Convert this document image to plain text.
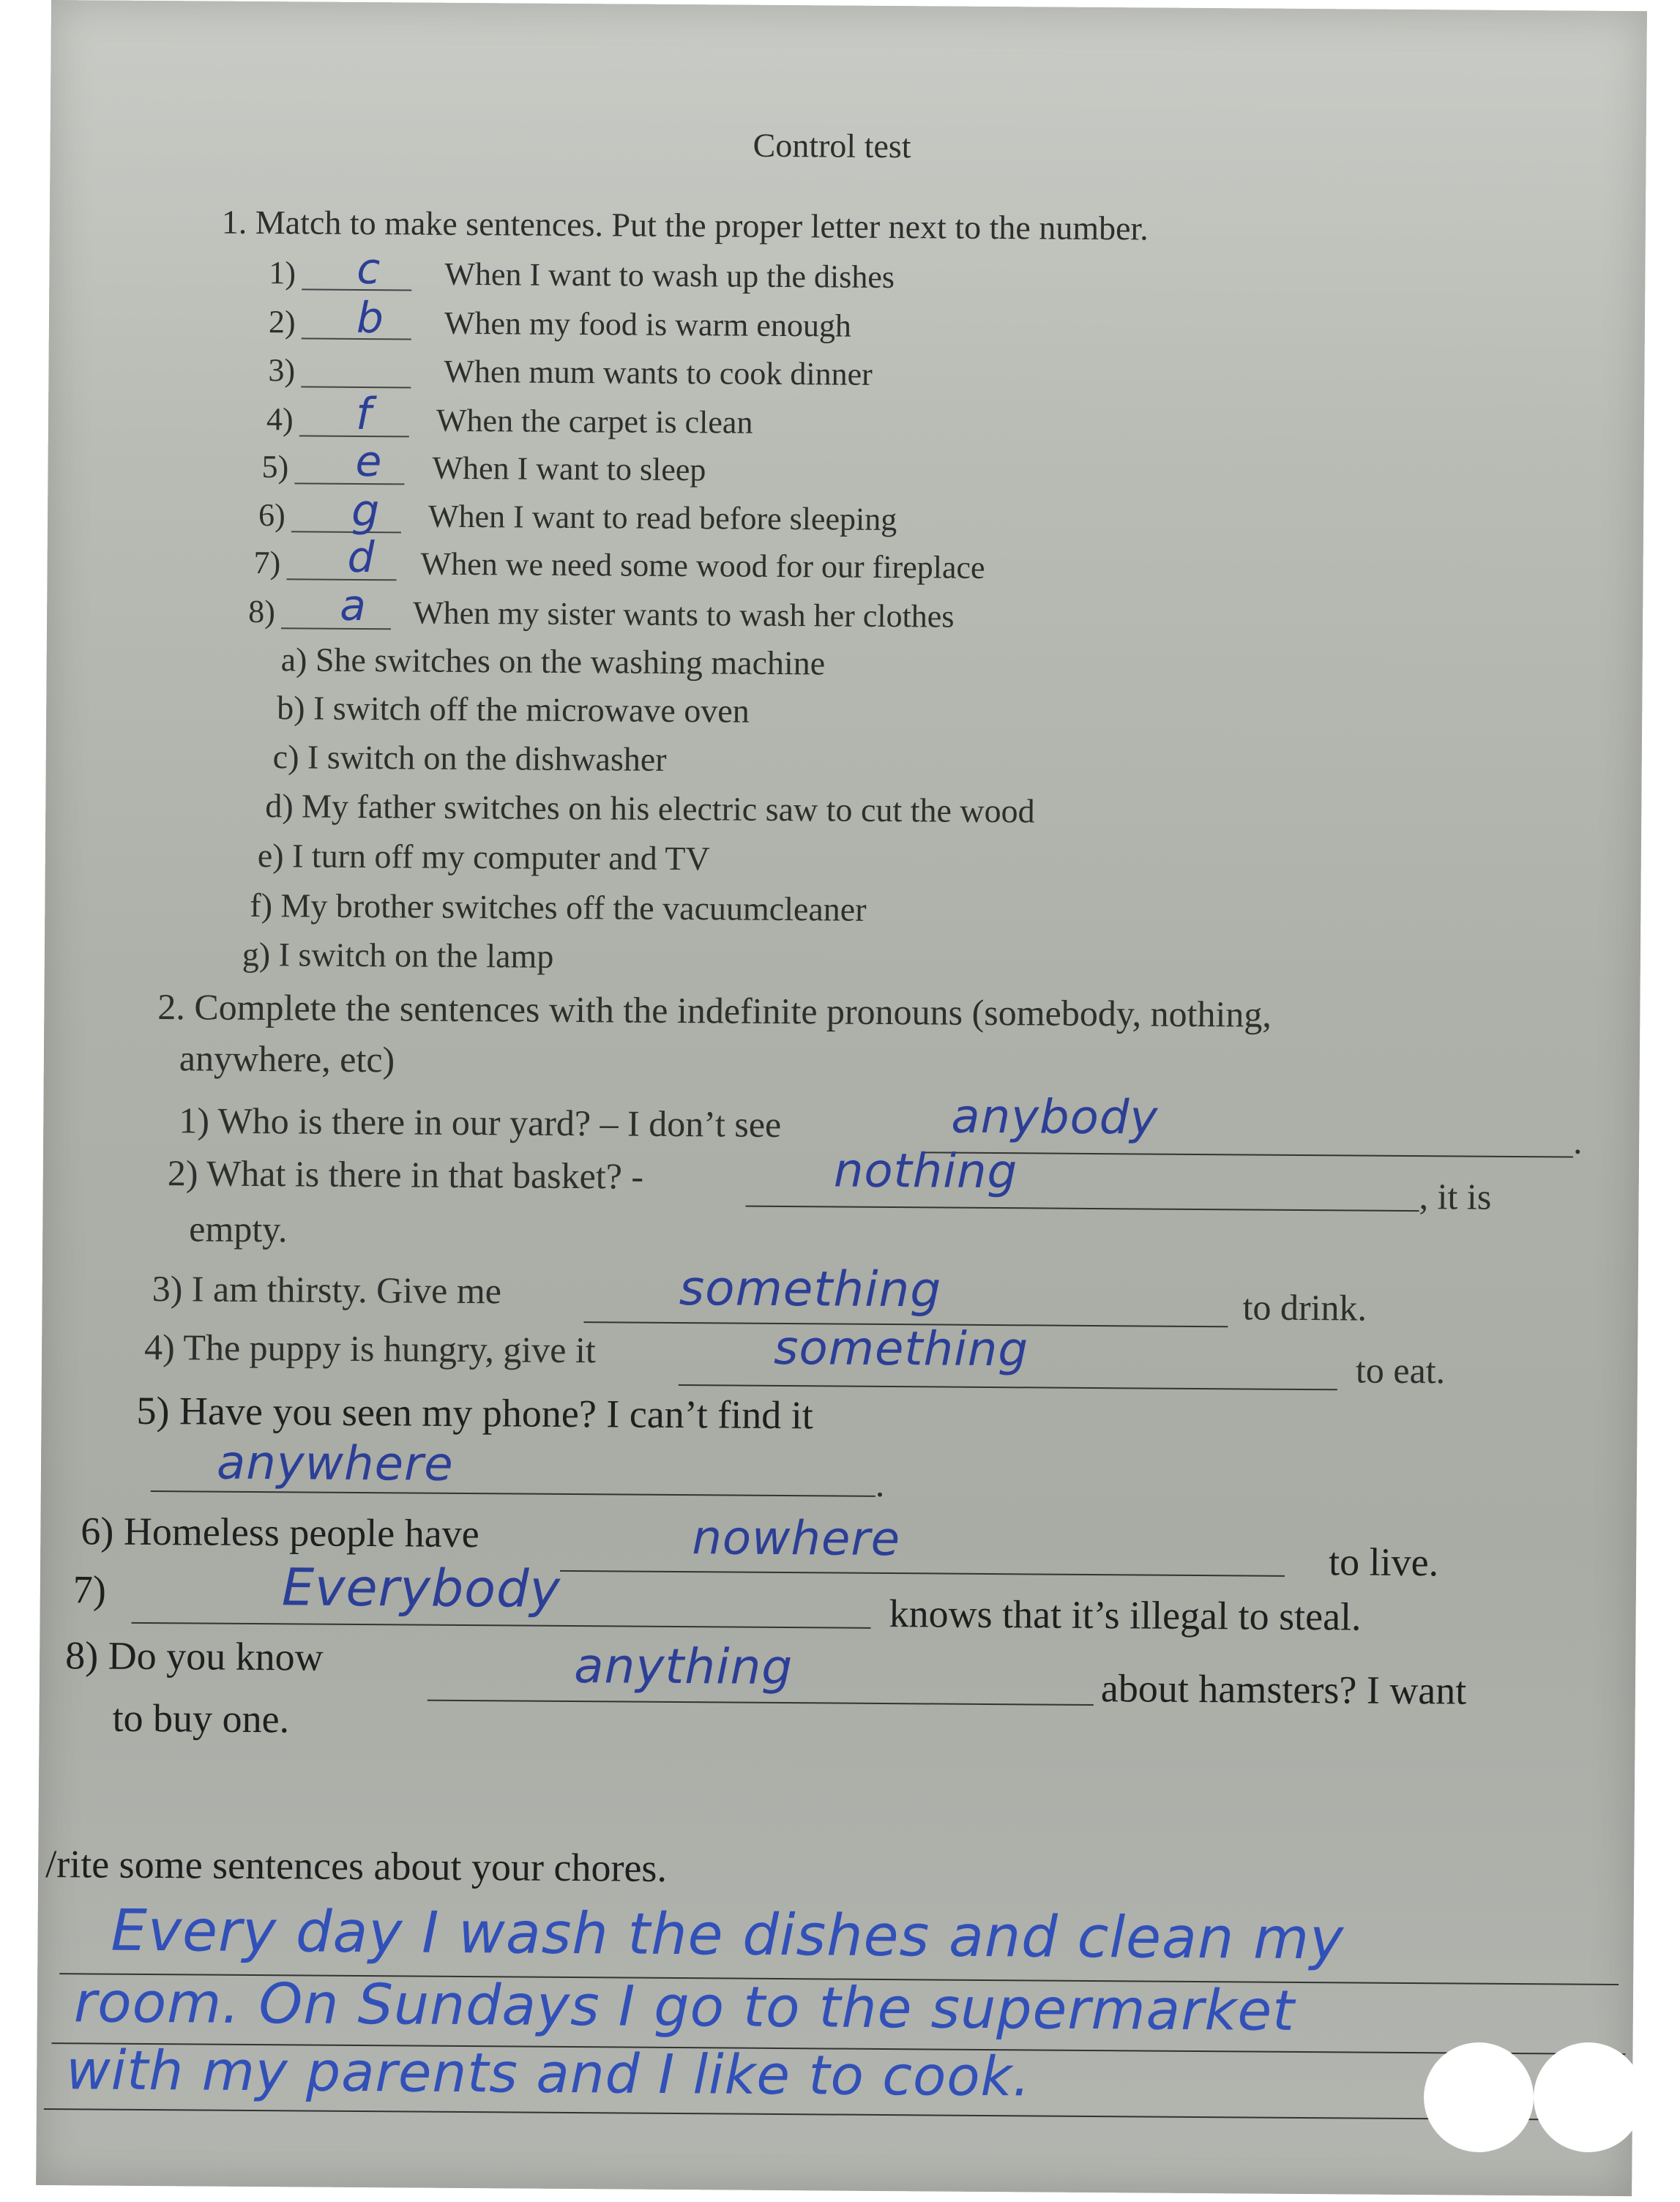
Control test
1. Match to make sentences. Put the proper letter next to the number.
1) c When I want to wash up the dishes
2) b When my food is warm enough
3)	When mum wants to cook dinner
4) f When the carpet is clean
5) e When I want to sleep
6) g When I want to read before sleeping
7) d When we need some wood for our fireplace
8) a When my sister wants to wash her clothes
a) She switches on the washing machine
b) I switch off the microwave oven
c) I switch on the dishwasher
d) My father switches on his electric saw to cut the wood
e) I turn off my computer and TV
f) My brother switches off the vacuumcleaner
g) I switch on the lamp
2. Complete the sentences with the indefinite pronouns (somebody, nothing,
anywhere, etc)
1) Who is there in our yard? – I don’t see	anybody	.
2) What is there in that basket? -	nothing	, it is
empty.
3) I am thirsty. Give me	something	to drink.
4) The puppy is hungry, give it	something	to eat.
5) Have you seen my phone? I can’t find it
anywhere	.
6) Homeless people have	nowhere	to live.
7)	Everybody	knows that it’s illegal to steal.
8) Do you know	anything	about hamsters? I want
to buy one.
/rite some sentences about your chores.
Every day I wash the dishes and clean my
room. On Sundays I go to the supermarket
with my parents and I like to cook.
